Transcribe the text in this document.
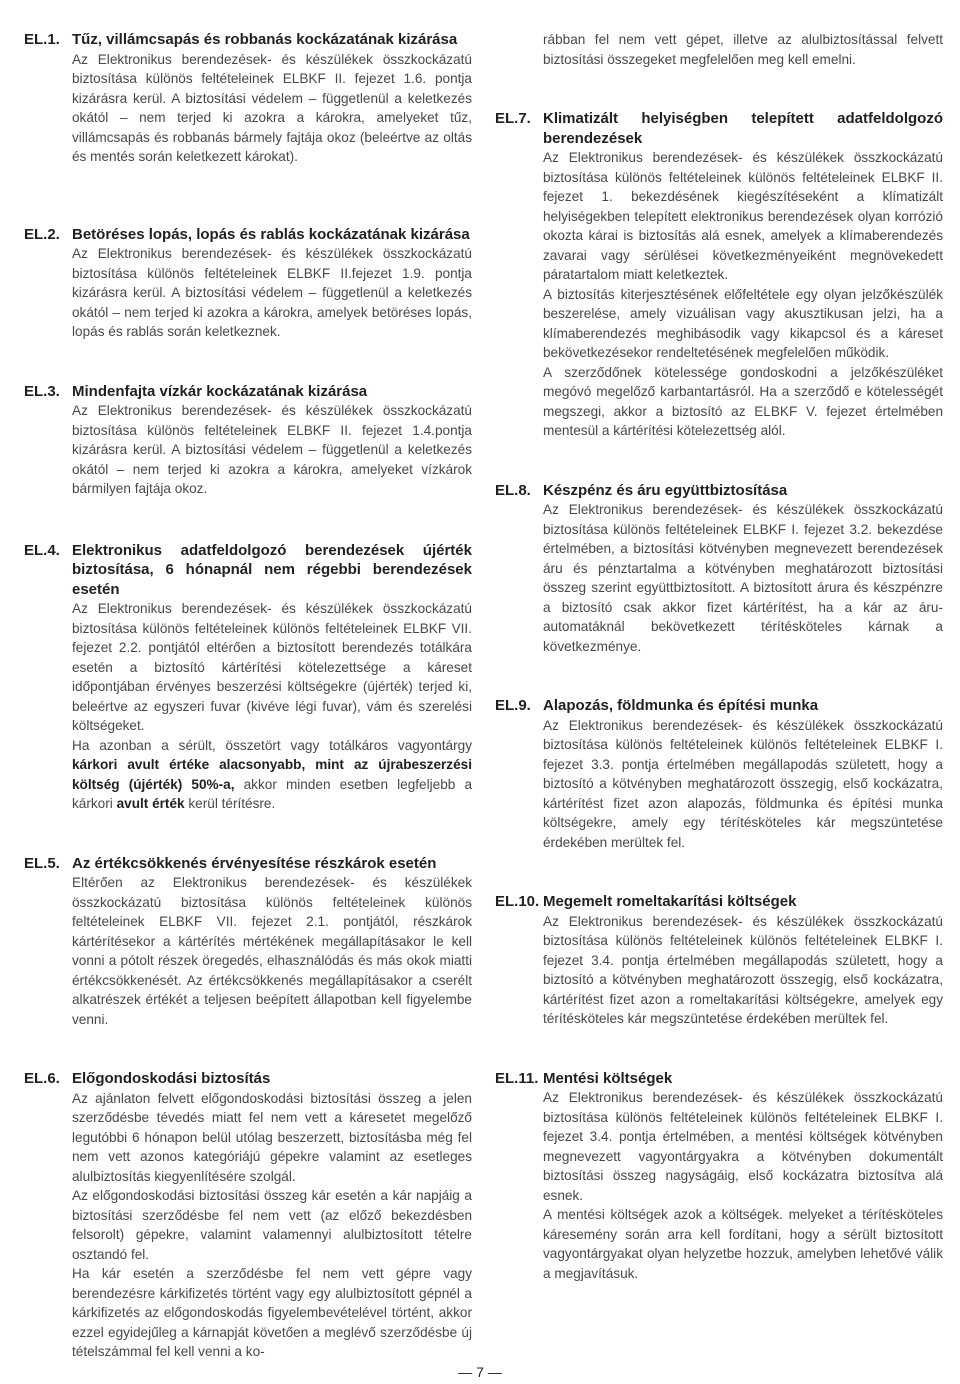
EL.1. Tűz, villámcsapás és robbanás kockázatának kizárása

Az Elektronikus berendezések- és készülékek összkockázatú biztosítása különös feltételeinek ELBKF II. fejezet 1.6. pontja kizárásra kerül. A biztosítási védelem – függetlenül a keletkezés okától – nem terjed ki azokra a károkra, amelyeket tűz, villámcsapás és robbanás bármely fajtája okoz (beleértve az oltás és mentés során keletkezett károkat).

EL.2. Betöréses lopás, lopás és rablás kockázatának kizárása

Az Elektronikus berendezések- és készülékek összkockázatú biztosítása különös feltételeinek ELBKF II.fejezet 1.9. pontja kizárásra kerül. A biztosítási védelem – függetlenül a keletkezés okától – nem terjed ki azokra a károkra, amelyek betöréses lopás, lopás és rablás során keletkeznek.

EL.3. Mindenfajta vízkár kockázatának kizárása

Az Elektronikus berendezések- és készülékek összkockázatú biztosítása különös feltételeinek ELBKF II. fejezet 1.4.pontja kizárásra kerül. A biztosítási védelem – függetlenül a keletkezés okától – nem terjed ki azokra a károkra, amelyeket vízkárok bármilyen fajtája okoz.

EL.4. Elektronikus adatfeldolgozó berendezések újérték biztosítása, 6 hónapnál nem régebbi berendezések esetén

Az Elektronikus berendezések- és készülékek összkockázatú biztosítása különös feltételeinek különös feltételeinek ELBKF VII. fejezet 2.2. pontjától eltérően a biztosított berendezés totálkára esetén a biztosító kártérítési kötelezettsége a káreset időpontjában érvényes beszerzési költségekre (újérték) terjed ki, beleértve az egyszeri fuvar (kivéve légi fuvar), vám és szerelési költségeket.

Ha azonban a sérült, összetört vagy totálkáros vagyontárgy kárkori avult értéke alacsonyabb, mint az újrabeszerzési költség (újérték) 50%-a, akkor minden esetben legfeljebb a kárkori avult érték kerül térítésre.

EL.5. Az értékcsökkenés érvényesítése részkárok esetén

Eltérően az Elektronikus berendezések- és készülékek összkockázatú biztosítása különös feltételeinek különös feltételeinek ELBKF VII. fejezet 2.1. pontjától, részkárok kártérítésekor a kártérítés mértékének megállapításakor le kell vonni a pótolt részek öregedés, elhasználódás és más okok miatti értékcsökkenését. Az értékcsökkenés megállapításakor a cserélt alkatrészek értékét a teljesen beépített állapotban kell figyelembe venni.

EL.6. Előgondoskodási biztosítás

Az ajánlaton felvett előgondoskodási biztosítási összeg a jelen szerződésbe tévedés miatt fel nem vett a káresetet megelőző legutóbbi 6 hónapon belül utólag beszerzett, biztosításba még fel nem vett azonos kategóriájú gépekre valamint az esetleges alulbiztosítás kiegyenlítésére szolgál.

Az előgondoskodási biztosítási összeg kár esetén a kár napjáig a biztosítási szerződésbe fel nem vett (az előző bekezdésben felsorolt) gépekre, valamint valamennyi alulbiztosított tételre osztandó fel.

Ha kár esetén a szerződésbe fel nem vett gépre vagy berendezésre kárkifizetés történt vagy egy alulbiztosított gépnél a kárkifizetés az előgondoskodás figyelembevételével történt, akkor ezzel egyidejűleg a kárnapját követően a meglévő szerződésbe új tételszámmal fel kell venni a ko-

rábban fel nem vett gépet, illetve az alulbiztosítással felvett biztosítási összegeket megfelelően meg kell emelni.
EL.7. Klimatizált helyiségben telepített adatfeldolgozó berendezések

Az Elektronikus berendezések- és készülékek összkockázatú biztosítása különös feltételeinek különös feltételeinek ELBKF II. fejezet 1. bekezdésének kiegészítéseként a klímatizált helyiségekben telepített elektronikus berendezések olyan korrózió okozta kárai is biztosítás alá esnek, amelyek a klímaberendezés zavarai vagy sérülései következményeiként megnövekedett páratartalom miatt keletkeztek.

A biztosítás kiterjesztésének előfeltétele egy olyan jelzőkészülék beszerelése, amely vizuálisan vagy akusztikusan jelzi, ha a klímaberendezés meghibásodik vagy kikapcsol és a káreset bekövetkezésekor rendeltetésének megfelelően működik.

A szerződőnek kötelessége gondoskodni a jelzőkészüléket megóvó megelőző karbantartásról. Ha a szerződő e kötelességét megszegi, akkor a biztosító az ELBKF V. fejezet értelmében mentesül a kártérítési kötelezettség alól.

EL.8. Készpénz és áru együttbiztosítása

Az Elektronikus berendezések- és készülékek összkockázatú biztosítása különös feltételeinek ELBKF I. fejezet 3.2. bekezdése értelmében, a biztosítási kötvényben megnevezett berendezések áru és pénztartalma a kötvényben meghatározott biztosítási összeg szerint együttbiztosított. A biztosított árura és készpénzre a biztosító csak akkor fizet kártérítést, ha a kár az áru-automatáknál bekövetkezett térítésköteles kárnak a következménye.

EL.9. Alapozás, földmunka és építési munka

Az Elektronikus berendezések- és készülékek összkockázatú biztosítása különös feltételeinek különös feltételeinek ELBKF I. fejezet 3.3. pontja értelmében megállapodás született, hogy a biztosító a kötvényben meghatározott összegig, első kockázatra, kártérítést fizet azon alapozás, földmunka és építési munka költségekre, amely egy térítésköteles kár megszüntetése érdekében merültek fel.

EL.10. Megemelt romeltakarítási költségek

Az Elektronikus berendezések- és készülékek összkockázatú biztosítása különös feltételeinek különös feltételeinek ELBKF I. fejezet 3.4. pontja értelmében megállapodás született, hogy a biztosító a kötvényben meghatározott összegig, első kockázatra, kártérítést fizet azon a romeltakarítási költségekre, amelyek egy térítésköteles kár megszüntetése érdekében merültek fel.

EL.11. Mentési költségek

Az Elektronikus berendezések- és készülékek összkockázatú biztosítása különös feltételeinek különös feltételeinek ELBKF I. fejezet 3.4. pontja értelmében, a mentési költségek kötvényben megnevezett vagyontárgyakra a kötvényben dokumentált biztosítási összeg nagyságáig, első kockázatra biztosítva alá esnek.

A mentési költségek azok a költségek. melyeket a térítésköteles káresemény során arra kell fordítani, hogy a sérült biztosított vagyontárgyakat olyan helyzetbe hozzuk, amelyben lehetővé válik a megjavításuk.

— 7 —
